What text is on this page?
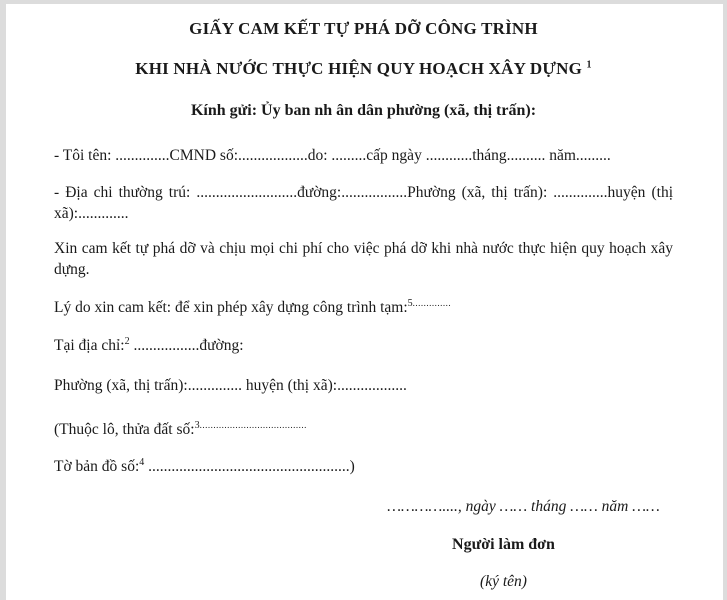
GIẤY CAM KẾT TỰ PHÁ DỠ CÔNG TRÌNH
KHI NHÀ NƯỚC THỰC HIỆN QUY HOẠCH XÂY DỰNG $^1$
Kính gửi: Ủy ban nh ân dân phường (xã, thị trấn):

- Tôi tên: ..............CMND số:..................do: .........cấp ngày ............tháng.......... năm.........

- Địa chi thường trú: ..........................đường:.................Phường (xã, thị trấn): ..............huyện (thị xã):.............

Xin cam kết tự phá dỡ và chịu mọi chi phí cho việc phá dỡ khi nhà nước thực hiện quy hoạch xây dựng.

Lý do xin cam kết: để xin phép xây dựng công trình tạm:$^{5..............}$

Tại địa chỉ:$^2$ .................đường:

Phường (xã, thị trấn):.............. huyện (thị xã):..................

(Thuộc lô, thửa đất số:$^{3.......................................}$

Tờ bản đồ số:$^4$ ....................................................)

…………...., ngày …… tháng …… năm ……

Người làm đơn

(ký tên)
